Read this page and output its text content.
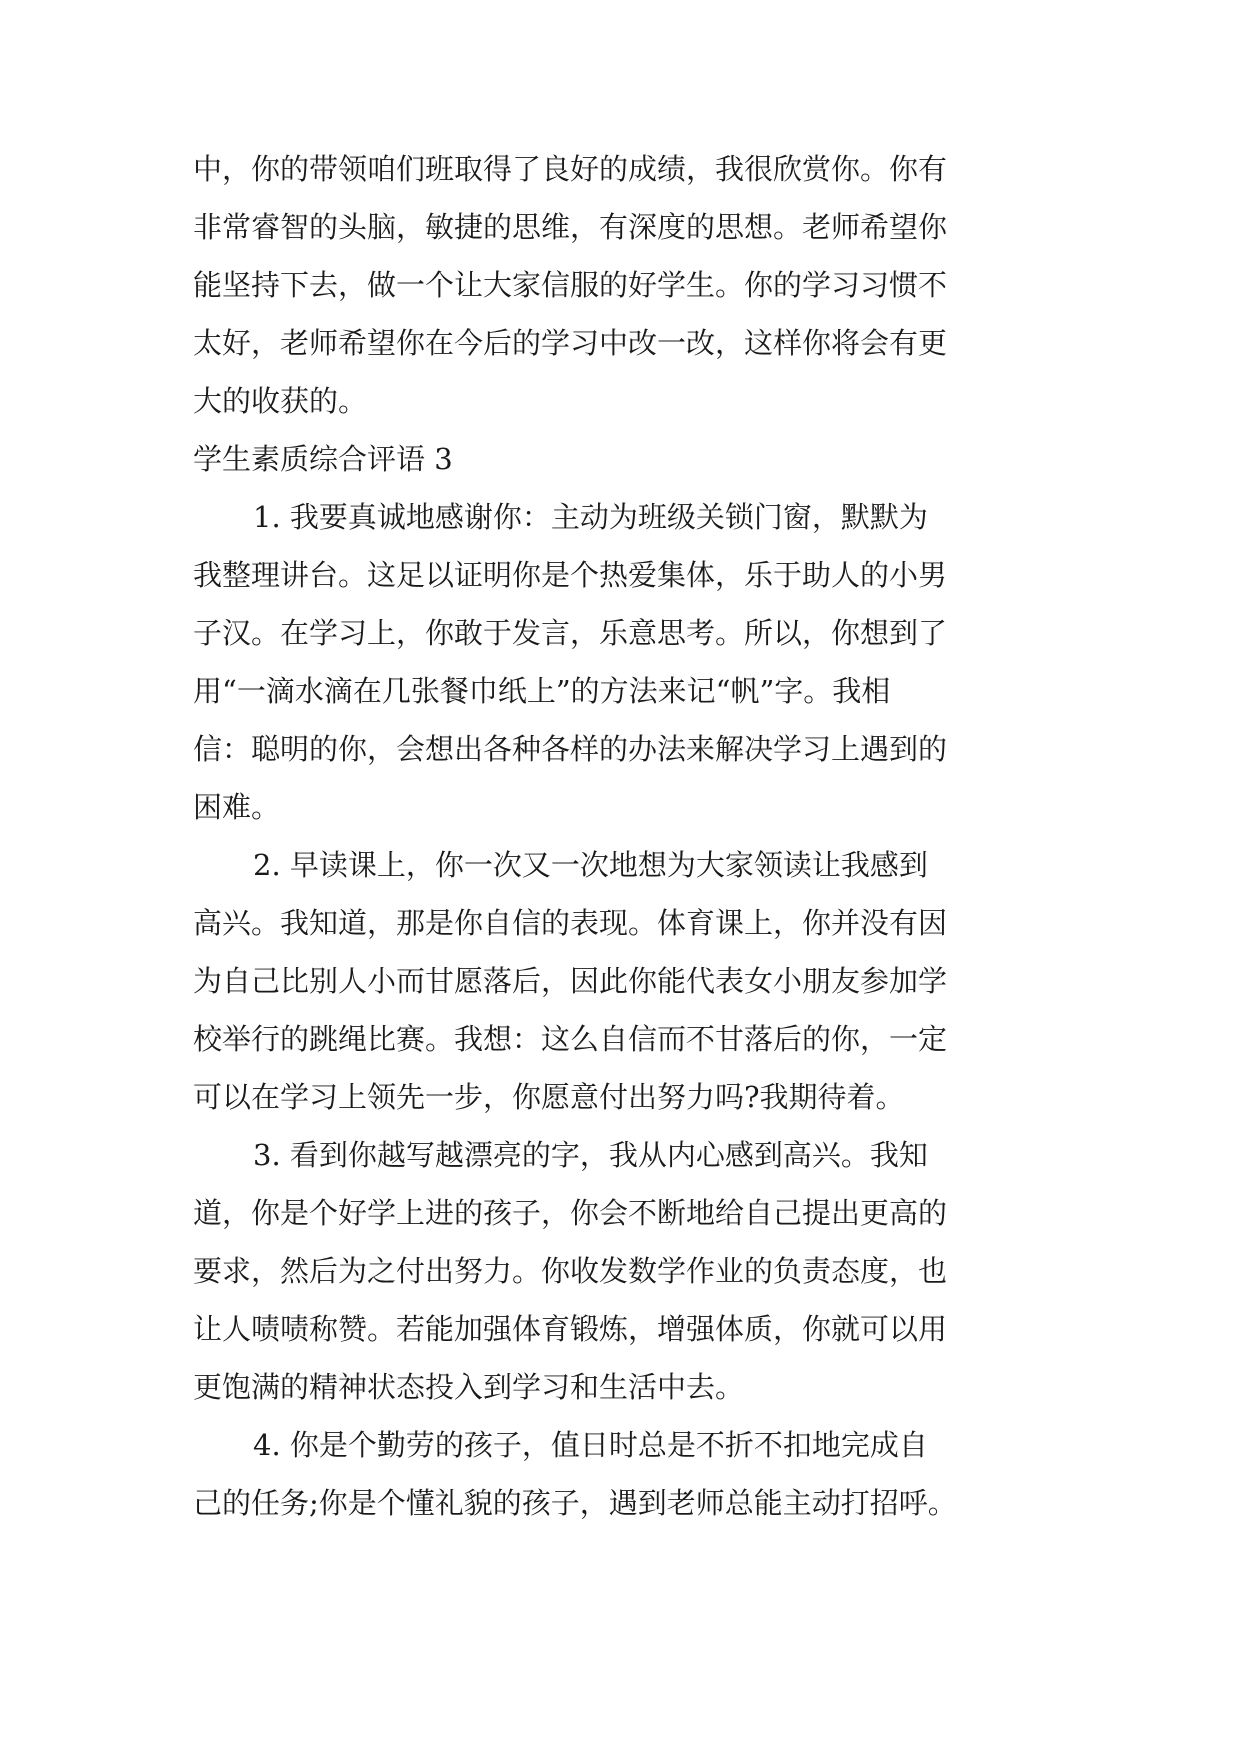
中，你的带领咱们班取得了良好的成绩，我很欣赏你。你有
非常睿智的头脑，敏捷的思维，有深度的思想。老师希望你
能坚持下去，做一个让大家信服的好学生。你的学习习惯不
太好，老师希望你在今后的学习中改一改，这样你将会有更
大的收获的。
学生素质综合评语 3
1. 我要真诚地感谢你：主动为班级关锁门窗，默默为
我整理讲台。这足以证明你是个热爱集体，乐于助人的小男
子汉。在学习上，你敢于发言，乐意思考。所以，你想到了
用“一滴水滴在几张餐巾纸上”的方法来记“帆”字。我相
信：聪明的你，会想出各种各样的办法来解决学习上遇到的
困难。
2. 早读课上，你一次又一次地想为大家领读让我感到
高兴。我知道，那是你自信的表现。体育课上，你并没有因
为自己比别人小而甘愿落后，因此你能代表女小朋友参加学
校举行的跳绳比赛。我想：这么自信而不甘落后的你，一定
可以在学习上领先一步，你愿意付出努力吗?我期待着。
3. 看到你越写越漂亮的字，我从内心感到高兴。我知
道，你是个好学上进的孩子，你会不断地给自己提出更高的
要求，然后为之付出努力。你收发数学作业的负责态度，也
让人啧啧称赞。若能加强体育锻炼，增强体质，你就可以用
更饱满的精神状态投入到学习和生活中去。
4. 你是个勤劳的孩子，值日时总是不折不扣地完成自
己的任务;你是个懂礼貌的孩子，遇到老师总能主动打招呼。
